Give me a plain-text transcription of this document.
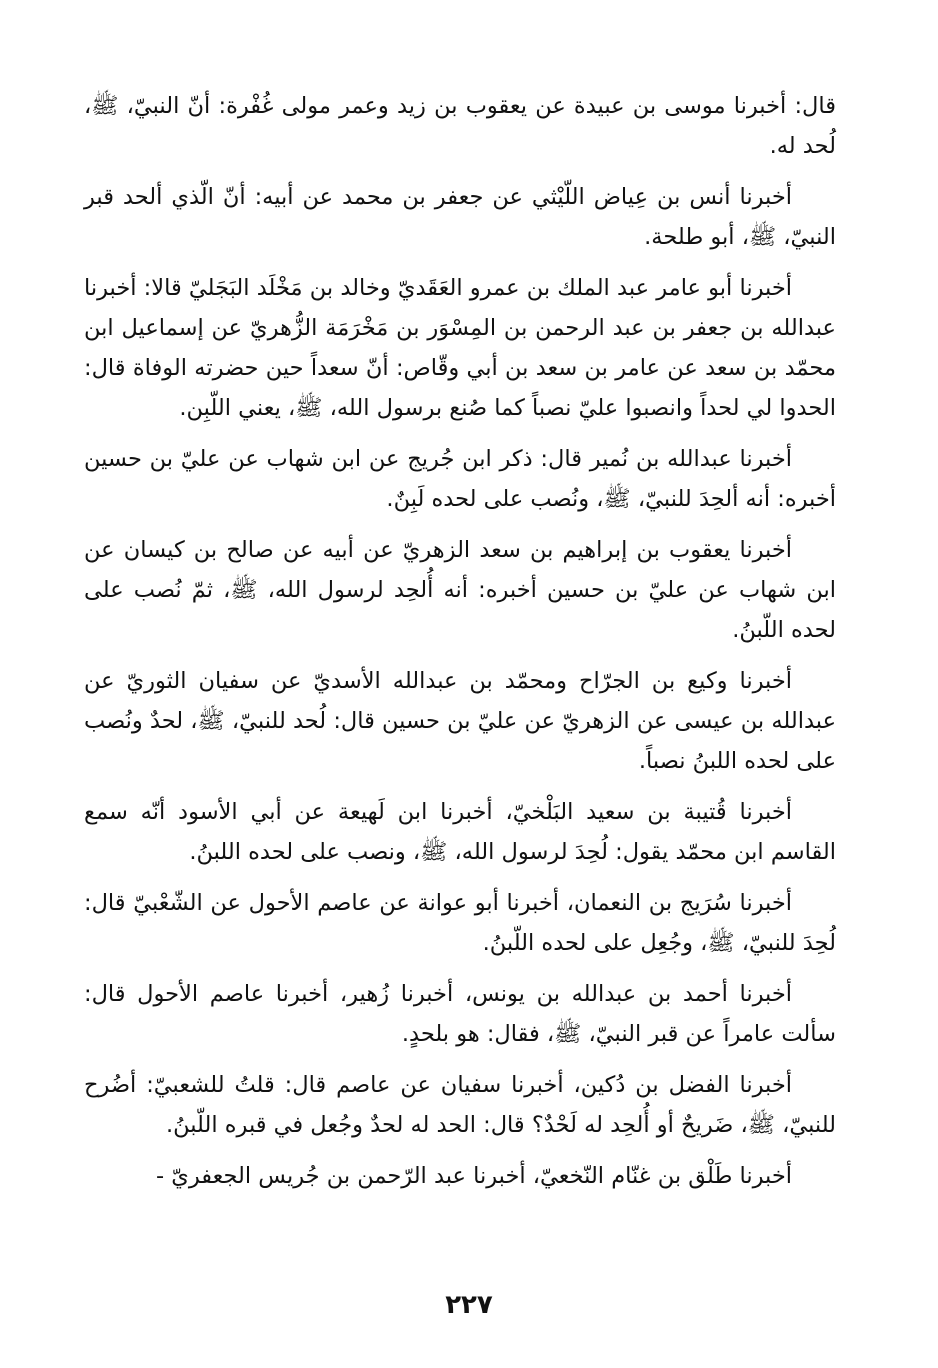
قال: أخبرنا موسى بن عبيدة عن يعقوب بن زيد وعمر مولى غُفْرة: أنّ النبيّ، ﷺ، لُحد له.

أخبرنا أنس بن عِياض اللّيْثي عن جعفر بن محمد عن أبيه: أنّ الّذي ألحد قبر النبيّ، ﷺ، أبو طلحة.

أخبرنا أبو عامر عبد الملك بن عمرو العَقَديّ وخالد بن مَخْلَد البَجَليّ قالا: أخبرنا عبدالله بن جعفر بن عبد الرحمن بن المِسْوَر بن مَخْرَمَة الزُّهريّ عن إسماعيل ابن محمّد بن سعد عن عامر بن سعد بن أبي وقّاص: أنّ سعداً حين حضرته الوفاة قال: الحدوا لي لحداً وانصبوا عليّ نصباً كما صُنع برسول الله، ﷺ، يعني اللّبِن.

أخبرنا عبدالله بن نُمير قال: ذكر ابن جُريج عن ابن شهاب عن عليّ بن حسين أخبره: أنه ألحِدَ للنبيّ، ﷺ، ونُصب على لحده لَبِنٌ.

أخبرنا يعقوب بن إبراهيم بن سعد الزهريّ عن أبيه عن صالح بن كيسان عن ابن شهاب عن عليّ بن حسين أخبره: أنه أُلحِد لرسول الله، ﷺ، ثمّ نُصب على لحده اللّبنُ.

أخبرنا وكيع بن الجرّاح ومحمّد بن عبدالله الأسديّ عن سفيان الثوريّ عن عبدالله بن عيسى عن الزهريّ عن عليّ بن حسين قال: لُحد للنبيّ، ﷺ، لحدٌ ونُصب على لحده اللبنُ نصباً.

أخبرنا قُتيبة بن سعيد البَلْخيّ، أخبرنا ابن لَهيعة عن أبي الأسود أنّه سمع القاسم ابن محمّد يقول: لُحِدَ لرسول الله، ﷺ، ونصب على لحده اللبنُ.

أخبرنا سُرَيج بن النعمان، أخبرنا أبو عوانة عن عاصم الأحول عن الشّعْبيّ قال: لُحِدَ للنبيّ، ﷺ، وجُعِل على لحده اللّبنُ.

أخبرنا أحمد بن عبدالله بن يونس، أخبرنا زُهير، أخبرنا عاصم الأحول قال: سألت عامراً عن قبر النبيّ، ﷺ، فقال: هو بلحدٍ.

أخبرنا الفضل بن دُكين، أخبرنا سفيان عن عاصم قال: قلتُ للشعبيّ: أضُرح للنبيّ، ﷺ، ضَريحٌ أو أُلحِد له لَحْدٌ؟ قال: الحد له لحدٌ وجُعل في قبره اللّبنُ.

أخبرنا طَلْق بن غنّام النّخعيّ، أخبرنا عبد الرّحمن بن جُريس الجعفريّ -

٢٢٧
